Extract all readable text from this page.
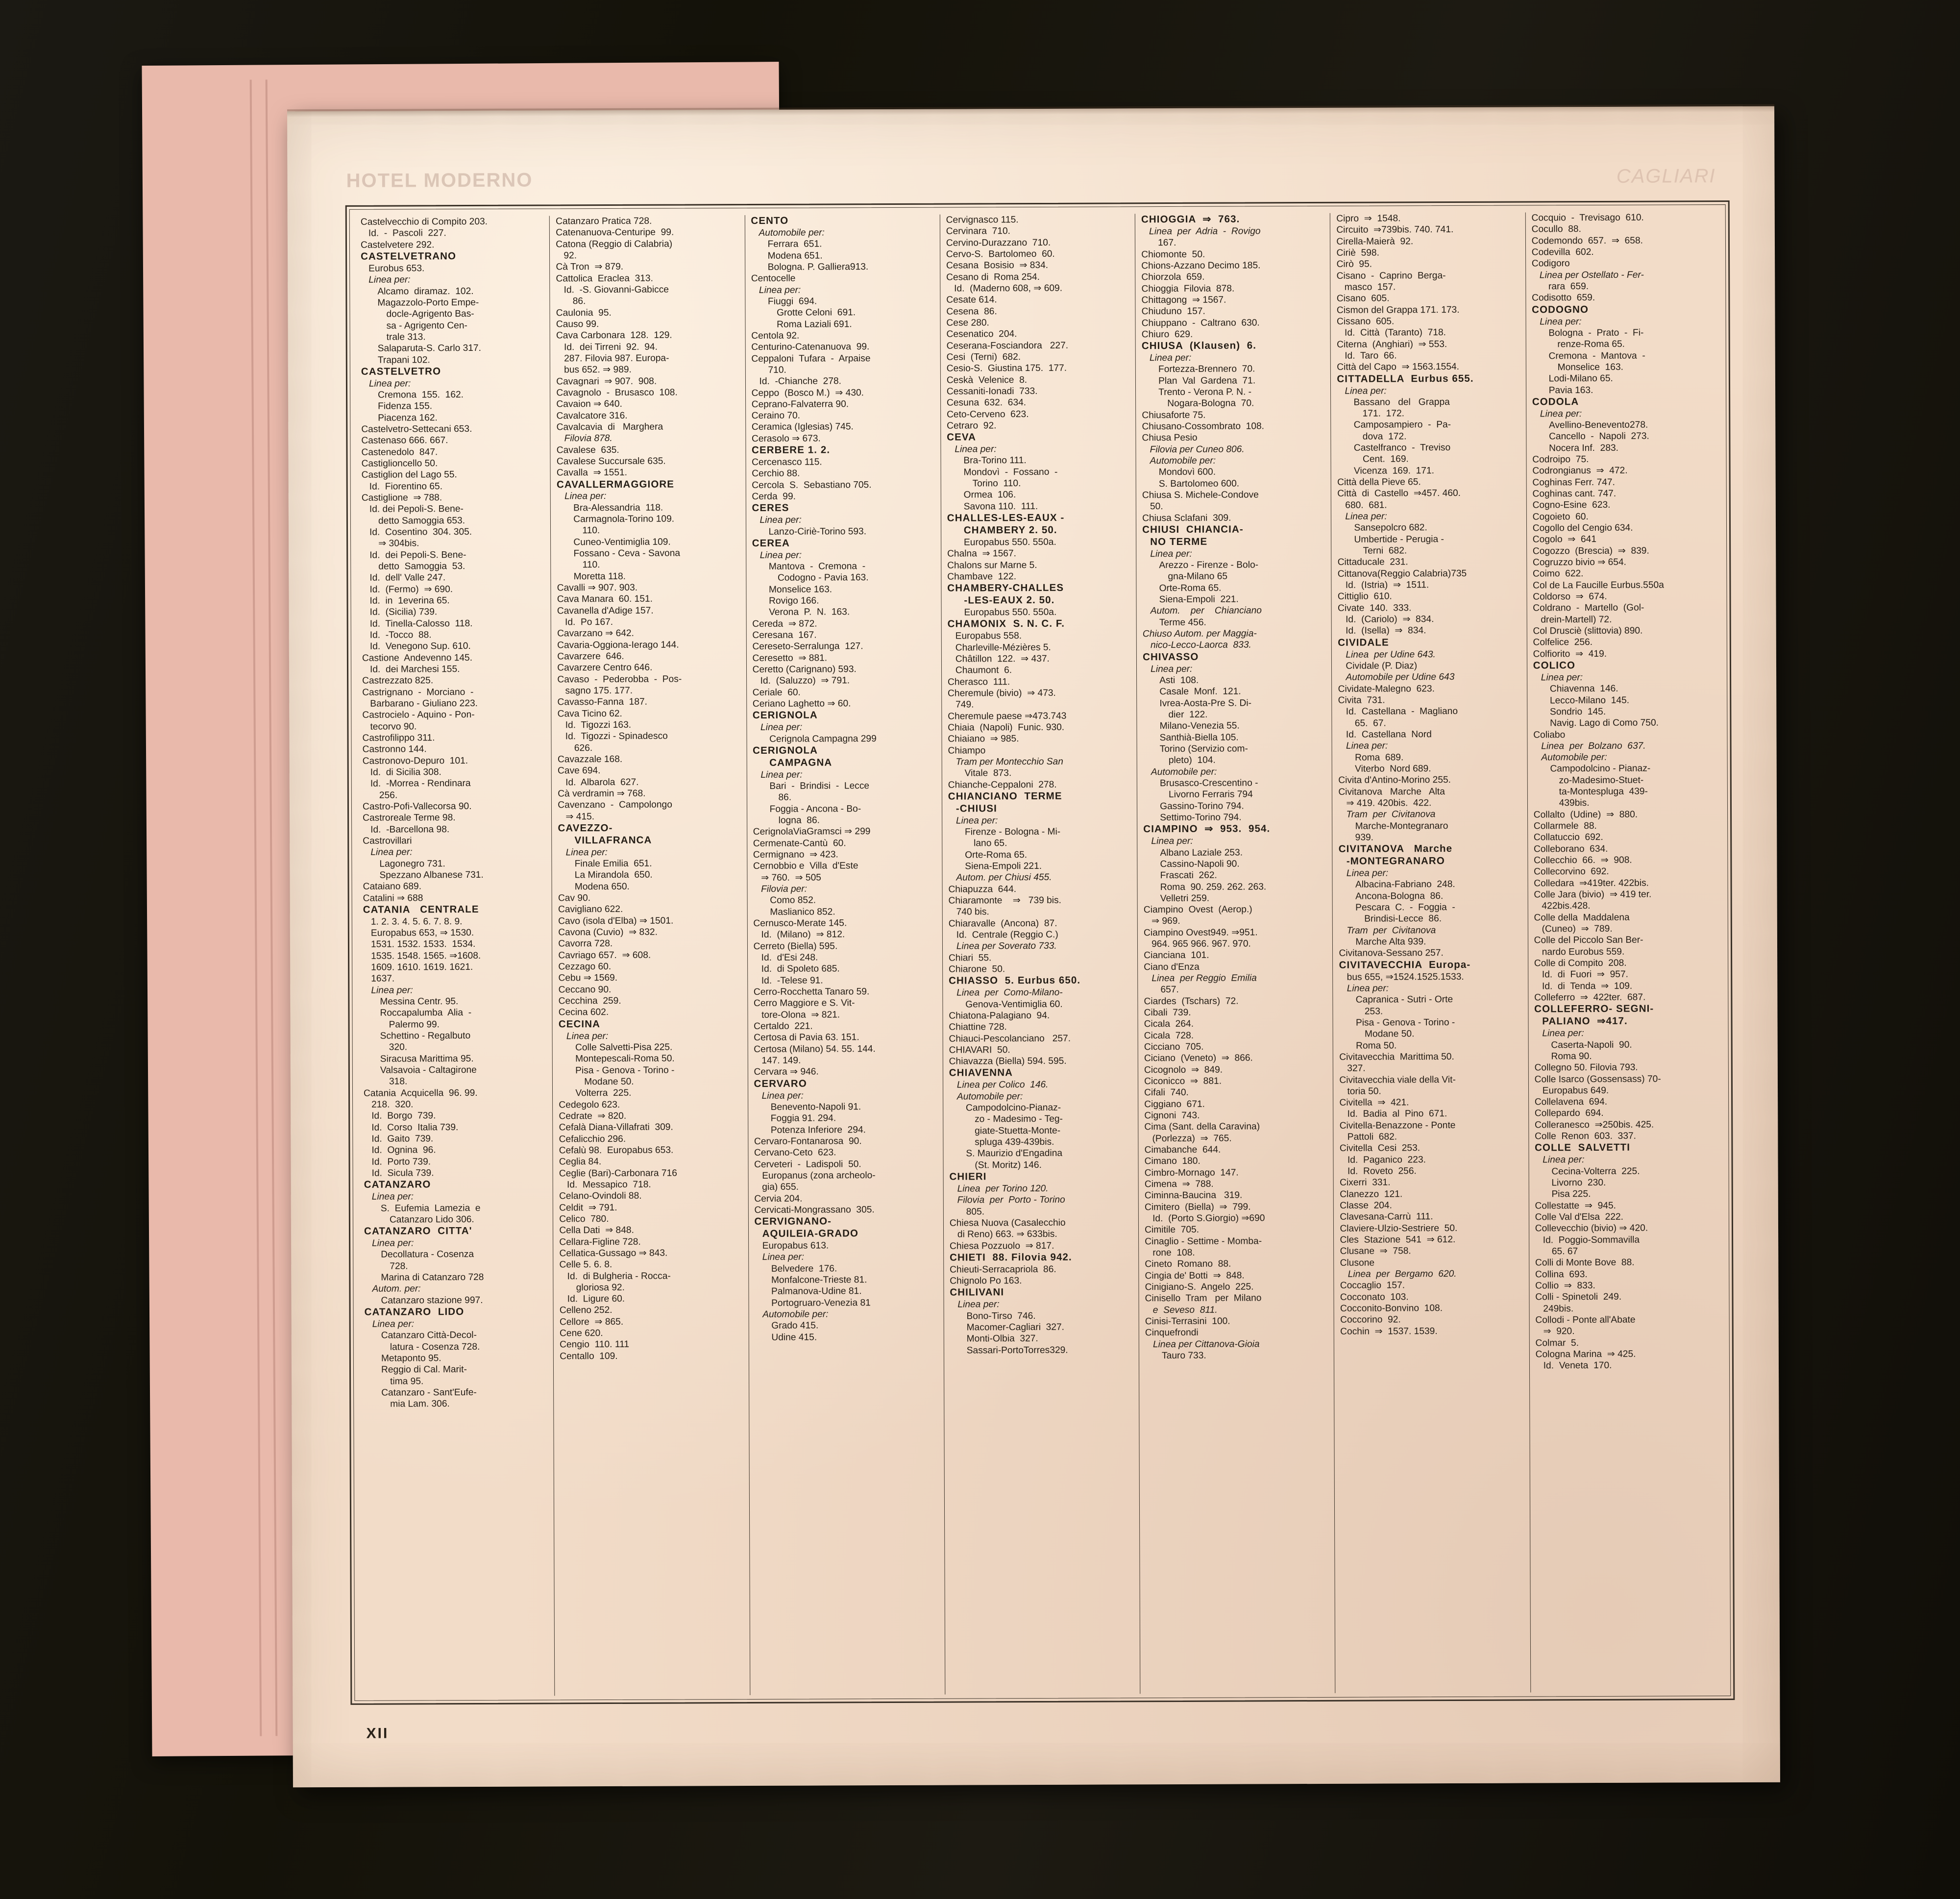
HOTEL MODERNO	CAGLIARI
Castelvecchio di Compito 203.
Id.  -  Pascoli  227.
Castelvetere 292.
CASTELVETRANO
Eurobus 653.
Linea per:
Alcamo  diramaz.  102.
Magazzolo-Porto Empe-
docle-Agrigento Bas-
sa - Agrigento Cen-
trale 313.
Salaparuta-S. Carlo 317.
Trapani 102.
CASTELVETRO
Linea per:
Cremona  155.  162.
Fidenza 155.
Piacenza 162.
Castelvetro-Settecani 653.
Castenaso 666. 667.
Castenedolo  847.
Castiglioncello 50.
Castiglion del Lago 55.
Id.  Fiorentino 65.
Castiglione  ⇒ 788.
Id. dei Pepoli-S. Bene-
detto Samoggia 653.
Id.  Cosentino  304. 305.
⇒ 304bis.
Id.  dei Pepoli-S. Bene-
detto  Samoggia  53.
Id.  dell' Valle 247.
Id.  (Fermo)  ⇒ 690.
Id.  in  1everina 65.
Id.  (Sicilia) 739.
Id.  Tinella-Calosso  118.
Id.  -Tocco  88.
Id.  Venegono Sup. 610.
Castione  Andevenno 145.
Id.  dei Marchesi 155.
Castrezzato 825.
Castrignano  -  Morciano  -
Barbarano - Giuliano 223.
Castrocielo - Aquino - Pon-
tecorvo 90.
Castrofilippo 311.
Castronno 144.
Castronovo-Depuro  101.
Id.  di Sicilia 308.
Id.  -Morrea - Rendinara
256.
Castro-Pofi-Vallecorsa 90.
Castroreale Terme 98.
Id.  -Barcellona 98.
Castrovillari
Linea per:
Lagonegro 731.
Spezzano Albanese 731.
Cataiano 689.
Catalini ⇒ 688
CATANIA   CENTRALE
1. 2. 3. 4. 5. 6. 7. 8. 9.
Europabus 653, ⇒ 1530.
1531. 1532. 1533.  1534.
1535. 1548. 1565. ⇒1608.
1609. 1610. 1619. 1621.
1637.
Linea per:
Messina Centr. 95.
Roccapalumba  Alia  -
Palermo 99.
Schettino - Regalbuto
320.
Siracusa Marittima 95.
Valsavoia - Caltagirone
318.
Catania  Acquicella  96. 99.
218.  320.
Id.  Borgo  739.
Id.  Corso  Italia 739.
Id.  Gaito  739.
Id.  Ognina  96.
Id.  Porto 739.
Id.  Sicula 739.
CATANZARO
Linea per:
S.  Eufemia  Lamezia  e
Catanzaro Lido 306.
CATANZARO  CITTA'
Linea per:
Decollatura - Cosenza
728.
Marina di Catanzaro 728
Autom. per:
Catanzaro stazione 997.
CATANZARO  LIDO
Linea per:
Catanzaro Città-Decol-
latura - Cosenza 728.
Metaponto 95.
Reggio di Cal. Marit-
tima 95.
Catanzaro - Sant'Eufe-
mia Lam. 306.
Catanzaro Pratica 728.
Catenanuova-Centuripe  99.
Catona (Reggio di Calabria)
92.
Cà Tron  ⇒ 879.
Cattolica  Eraclea  313.
Id.  -S. Giovanni-Gabicce
86.
Caulonia  95.
Causo 99.
Cava Carbonara  128.  129.
Id.  dei Tirreni  92.  94.
287. Filovia 987. Europa-
bus 652. ⇒ 989.
Cavagnari  ⇒ 907.  908.
Cavagnolo  -  Brusasco  108.
Cavaion ⇒ 640.
Cavalcatore 316.
Cavalcavia  di   Marghera
Filovia 878.
Cavalese  635.
Cavalese Succursale 635.
Cavalla  ⇒ 1551.
CAVALLERMAGGIORE
Linea per:
Bra-Alessandria  118.
Carmagnola-Torino 109.
110.
Cuneo-Ventimiglia 109.
Fossano - Ceva - Savona
110.
Moretta 118.
Cavalli ⇒ 907. 903.
Cava Manara  60. 151.
Cavanella d'Adige 157.
Id.  Po 167.
Cavarzano ⇒ 642.
Cavaria-Oggiona-Ierago 144.
Cavarzere  646.
Cavarzere Centro 646.
Cavaso  -  Pederobba  -  Pos-
sagno 175. 177.
Cavasso-Fanna  187.
Cava Ticino 62.
Id.  Tigozzi 163.
Id.  Tigozzi - Spinadesco
626.
Cavazzale 168.
Cave 694.
Id.  Albarola  627.
Cà verdramin ⇒ 768.
Cavenzano  -  Campolongo
⇒ 415.
CAVEZZO-
VILLAFRANCA
Linea per:
Finale Emilia  651.
La Mirandola  650.
Modena 650.
Cav 90.
Cavigliano 622.
Cavo (isola d'Elba) ⇒ 1501.
Cavona (Cuvio)  ⇒ 832.
Cavorra 728.
Cavriago 657.  ⇒ 608.
Cezzago 60.
Cebu ⇒ 1569.
Ceccano 90.
Cecchina  259.
Cecina 602.
CECINA
Linea per:
Colle Salvetti-Pisa 225.
Montepescali-Roma 50.
Pisa - Genova - Torino -
Modane 50.
Volterra  225.
Cedegolo 623.
Cedrate  ⇒ 820.
Cefalà Diana-Villafrati  309.
Cefalicchio 296.
Cefalù 98.  Europabus 653.
Ceglia 84.
Ceglie (Bari)-Carbonara 716
Id.  Messapico  718.
Celano-Ovindoli 88.
Celdit  ⇒ 791.
Celico  780.
Cella Dati  ⇒ 848.
Cellara-Figline 728.
Cellatica-Gussago ⇒ 843.
Celle 5. 6. 8.
Id.  di Bulgheria - Rocca-
gloriosa 92.
Id.  Ligure 60.
Celleno 252.
Cellore  ⇒ 865.
Cene 620.
Cengio  110. 111
Centallo  109.
CENTO
Automobile per:
Ferrara  651.
Modena 651.
Bologna. P. Galliera913.
Centocelle
Linea per:
Fiuggi  694.
Grotte Celoni  691.
Roma Laziali 691.
Centola 92.
Centurino-Catenanuova  99.
Ceppaloni  Tufara  -  Arpaise
710.
Id.  -Chianche  278.
Ceppo  (Bosco M.)  ⇒ 430.
Ceprano-Falvaterra 90.
Ceraino 70.
Ceramica (Iglesias) 745.
Cerasolo ⇒ 673.
CERBERE 1. 2.
Cercenasco 115.
Cerchio 88.
Cercola  S.  Sebastiano 705.
Cerda  99.
CERES
Linea per:
Lanzo-Ciriè-Torino 593.
CEREA
Linea per:
Mantova  -  Cremona  -
Codogno - Pavia 163.
Monselice 163.
Rovigo 166.
Verona  P.  N.  163.
Cereda  ⇒ 872.
Ceresana  167.
Cereseto-Serralunga  127.
Ceresetto  ⇒ 881.
Ceretto (Carignano) 593.
Id.  (Saluzzo)  ⇒ 791.
Ceriale  60.
Ceriano Laghetto ⇒ 60.
CERIGNOLA
Linea per:
Cerignola Campagna 299
CERIGNOLA
CAMPAGNA
Linea per:
Bari  -  Brindisi  -  Lecce
86.
Foggia - Ancona - Bo-
logna  86.
CerignolaViaGramsci ⇒ 299
Cermenate-Cantù  60.
Cermignano  ⇒ 423.
Cernobbio e  Villa  d'Este
⇒ 760.  ⇒ 505
Filovia per:
Como 852.
Maslianico 852.
Cernusco-Merate 145.
Id.  (Milano)  ⇒ 812.
Cerreto (Biella) 595.
Id.  d'Esi 248.
Id.  di Spoleto 685.
Id.  -Telese 91.
Cerro-Rocchetta Tanaro 59.
Cerro Maggiore e S. Vit-
tore-Olona  ⇒ 821.
Certaldo  221.
Certosa di Pavia 63. 151.
Certosa (Milano) 54. 55. 144.
147. 149.
Cervara ⇒ 946.
CERVARO
Linea per:
Benevento-Napoli 91.
Foggia 91. 294.
Potenza Inferiore  294.
Cervaro-Fontanarosa  90.
Cervano-Ceto  623.
Cerveteri  -  Ladispoli  50.
Europanus (zona archeolo-
gia) 655.
Cervia 204.
Cervicati-Mongrassano  305.
CERVIGNANO-
AQUILEIA-GRADO
Europabus 613.
Linea per:
Belvedere  176.
Monfalcone-Trieste 81.
Palmanova-Udine 81.
Portogruaro-Venezia 81
Automobile per:
Grado 415.
Udine 415.
Cervignasco 115.
Cervinara  710.
Cervino-Durazzano  710.
Cervo-S.  Bartolomeo  60.
Cesana  Bosisio  ⇒ 834.
Cesano di  Roma 254.
Id.  (Maderno 608, ⇒ 609.
Cesate 614.
Cesena  86.
Cese 280.
Cesenatico  204.
Ceserana-Fosciandora   227.
Cesi  (Terni)  682.
Cesio-S.  Giustina 175.  177.
Ceskà  Velenice  8.
Cessaniti-Ionadi  733.
Cesuna  632.  634.
Ceto-Cerveno  623.
Cetraro  92.
CEVA
Linea per:
Bra-Torino 111.
Mondovì  -  Fossano  -
Torino  110.
Ormea  106.
Savona 110.  111.
CHALLES-LES-EAUX -
CHAMBERY 2. 50.
Europabus 550. 550a.
Chalna  ⇒ 1567.
Chalons sur Marne 5.
Chambave  122.
CHAMBERY-CHALLES
-LES-EAUX 2. 50.
Europabus 550. 550a.
CHAMONIX  S. N. C. F.
Europabus 558.
Charleville-Mézières 5.
Châtillon  122.  ⇒ 437.
Chaumont  6.
Cherasco  111.
Cheremule (bivio)  ⇒ 473.
749.
Cheremule paese ⇒473.743
Chiaia  (Napoli)  Funic. 930.
Chiaiano  ⇒ 985.
Chiampo
Tram per Montecchio San
Vitale  873.
Chianche-Ceppaloni  278.
CHIANCIANO  TERME
-CHIUSI
Linea per:
Firenze - Bologna - Mi-
lano 65.
Orte-Roma 65.
Siena-Empoli 221.
Autom. per Chiusi 455.
Chiapuzza  644.
Chiaramonte    ⇒   739 bis.
740 bis.
Chiaravalle  (Ancona)  87.
Id.  Centrale (Reggio C.)
Linea per Soverato 733.
Chiari  55.
Chiarone  50.
CHIASSO  5. Eurbus 650.
Linea  per  Como-Milano-
Genova-Ventimiglia 60.
Chiatona-Palagiano  94.
Chiattine 728.
Chiauci-Pescolanciano   257.
CHIAVARI  50.
Chiavazza (Biella) 594. 595.
CHIAVENNA
Linea per Colico  146.
Automobile per:
Campodolcino-Pianaz-
zo - Madesimo - Teg-
giate-Stuetta-Monte-
spluga 439-439bis.
S. Maurizio d'Engadina
(St. Moritz) 146.
CHIERI
Linea  per Torino 120.
Filovia  per  Porto - Torino
805.
Chiesa Nuova (Casalecchio
di Reno) 663. ⇒ 633bis.
Chiesa Pozzuolo  ⇒ 817.
CHIETI  88. Filovia 942.
Chieuti-Serracapriola  86.
Chignolo Po 163.
CHILIVANI
Linea per:
Bono-Tirso  746.
Macomer-Cagliari  327.
Monti-Olbia  327.
Sassari-PortoTorres329.
CHIOGGIA  ⇒  763.
Linea  per  Adria  -  Rovigo
167.
Chiomonte  50.
Chions-Azzano Decimo 185.
Chiorzola  659.
Chioggia  Filovia  878.
Chittagong  ⇒ 1567.
Chiuduno  157.
Chiuppano  -  Caltrano  630.
Chiuro  629.
CHIUSA  (Klausen)  6.
Linea per:
Fortezza-Brennero  70.
Plan  Val  Gardena  71.
Trento - Verona P. N. -
Nogara-Bologna  70.
Chiusaforte 75.
Chiusano-Cossombrato  108.
Chiusa Pesio
Filovia per Cuneo 806.
Automobile per:
Mondovì 600.
S. Bartolomeo 600.
Chiusa S. Michele-Condove
50.
Chiusa Sclafani  309.
CHIUSI  CHIANCIA-
NO TERME
Linea per:
Arezzo - Firenze - Bolo-
gna-Milano 65
Orte-Roma 65.
Siena-Empoli  221.
Autom.    per    Chianciano
Terme 456.
Chiuso Autom. per Maggia-
nico-Lecco-Laorca  833.
CHIVASSO
Linea per:
Asti  108.
Casale  Monf.  121.
Ivrea-Aosta-Pre S. Di-
dier  122.
Milano-Venezia 55.
Santhià-Biella 105.
Torino (Servizio com-
pleto)  104.
Automobile per:
Brusasco-Crescentino -
Livorno Ferraris 794
Gassino-Torino 794.
Settimo-Torino 794.
CIAMPINO  ⇒  953.  954.
Linea per:
Albano Laziale 253.
Cassino-Napoli 90.
Frascati  262.
Roma  90. 259. 262. 263.
Velletri 259.
Ciampino  Ovest  (Aerop.)
⇒ 969.
Ciampino Ovest949. ⇒951.
964. 965 966. 967. 970.
Cianciana  101.
Ciano d'Enza
Linea  per Reggio  Emilia
657.
Ciardes  (Tschars)  72.
Cibali  739.
Cicala  264.
Cicala  728.
Cicciano  705.
Ciciano  (Veneto)  ⇒  866.
Cicognolo  ⇒  849.
Ciconicco  ⇒  881.
Cifali  740.
Ciggiano  671.
Cignoni  743.
Cima (Sant. della Caravina)
(Porlezza)  ⇒  765.
Cimabanche  644.
Cimano  180.
Cimbro-Mornago  147.
Cimena  ⇒  788.
Ciminna-Baucina   319.
Cimitero  (Biella)  ⇒  799.
Id.  (Porto S.Giorgio) ⇒690
Cimitile  705.
Cinaglio - Settime - Momba-
rone  108.
Cineto  Romano  88.
Cingia de' Botti  ⇒  848.
Cinigiano-S.  Angelo  225.
Cinisello  Tram   per  Milano
e  Seveso  811.
Cinisi-Terrasini  100.
Cinquefrondi
Linea per Cittanova-Gioia
Tauro 733.
Cipro  ⇒  1548.
Circuito  ⇒739bis. 740. 741.
Cirella-Maierà  92.
Ciriè  598.
Cirò  95.
Cisano  -  Caprino  Berga-
masco  157.
Cisano  605.
Cismon del Grappa 171. 173.
Cissano  605.
Id.  Città  (Taranto)  718.
Citerna  (Anghiari)  ⇒ 553.
Id.  Taro  66.
Città del Capo  ⇒ 1563.1554.
CITTADELLA  Eurbus 655.
Linea per:
Bassano   del   Grappa
171.  172.
Camposampiero  -  Pa-
dova  172.
Castelfranco  -  Treviso
Cent.  169.
Vicenza  169.  171.
Città della Pieve 65.
Città  di  Castello  ⇒457. 460.
680.  681.
Linea per:
Sansepolcro 682.
Umbertide - Perugia -
Terni  682.
Cittaducale  231.
Cittanova(Reggio Calabria)735
Id.  (Istria)  ⇒  1511.
Cittiglio  610.
Civate  140.  333.
Id.  (Cariolo)  ⇒  834.
Id.  (Isella)  ⇒  834.
CIVIDALE
Linea  per Udine 643.
Cividale (P. Diaz)
Automobile per Udine 643
Cividate-Malegno  623.
Civita  731.
Id.  Castellana  -  Magliano
65.  67.
Id.  Castellana  Nord
Linea per:
Roma  689.
Viterbo  Nord 689.
Civita d'Antino-Morino 255.
Civitanova   Marche   Alta
⇒ 419. 420bis.  422.
Tram  per  Civitanova
Marche-Montegranaro
939.
CIVITANOVA   Marche
-MONTEGRANARO
Linea per:
Albacina-Fabriano  248.
Ancona-Bologna  86.
Pescara  C.  -  Foggia  -
Brindisi-Lecce  86.
Tram  per  Civitanova
Marche Alta 939.
Civitanova-Sessano 257.
CIVITAVECCHIA  Europa-
bus 655, ⇒1524.1525.1533.
Linea per:
Capranica - Sutri - Orte
253.
Pisa - Genova - Torino -
Modane 50.
Roma 50.
Civitavecchia  Marittima 50.
327.
Civitavecchia viale della Vit-
toria 50.
Civitella  ⇒  421.
Id.  Badia  al  Pino  671.
Civitella-Benazzone - Ponte
Pattoli  682.
Civitella  Cesi  253.
Id.  Paganico  223.
Id.  Roveto  256.
Cixerri  331.
Clanezzo  121.
Classe  204.
Clavesana-Carrù  111.
Claviere-Ulzio-Sestriere  50.
Cles  Stazione  541  ⇒ 612.
Clusane  ⇒  758.
Clusone
Linea  per  Bergamo  620.
Coccaglio  157.
Cocconato  103.
Cocconito-Bonvino  108.
Coccorino  92.
Cochin  ⇒  1537. 1539.
Cocquio  -  Trevisago  610.
Cocullo  88.
Codemondo  657.  ⇒  658.
Codevilla  602.
Codigoro
Linea per Ostellato - Fer-
rara  659.
Codisotto  659.
CODOGNO
Linea per:
Bologna  -  Prato  -  Fi-
renze-Roma 65.
Cremona  -  Mantova  -
Monselice  163.
Lodi-Milano 65.
Pavia 163.
CODOLA
Linea per:
Avellino-Benevento278.
Cancello  -  Napoli  273.
Nocera Inf.  283.
Codroipo  75.
Codrongianus  ⇒  472.
Coghinas Ferr. 747.
Coghinas cant. 747.
Cogno-Esine  623.
Cogoieto  60.
Cogollo del Cengio 634.
Cogolo  ⇒  641
Cogozzo  (Brescia)  ⇒  839.
Cogruzzo bivio ⇒ 654.
Coimo  622.
Col de La Faucille Eurbus.550a
Coldorso  ⇒  674.
Coldrano  -  Martello  (Gol-
drein-Martell) 72.
Col Drusciè (slittovia) 890.
Colfelice  256.
Colfiorito  ⇒  419.
COLICO
Linea per:
Chiavenna  146.
Lecco-Milano  145.
Sondrio  145.
Navig. Lago di Como 750.
Coliabo
Linea  per  Bolzano  637.
Automobile per:
Campodolcino - Pianaz-
zo-Madesimo-Stuet-
ta-Montespluga  439-
439bis.
Collalto  (Udine)  ⇒  880.
Collarmele  88.
Collatuccio  692.
Colleborano  634.
Collecchio  66.  ⇒  908.
Collecorvino  692.
Colledara  ⇒419ter. 422bis.
Colle Jara (bivio)  ⇒ 419 ter.
422bis.428.
Colle della  Maddalena
(Cuneo)  ⇒  789.
Colle del Piccolo San Ber-
nardo Eurobus 559.
Colle di Compito  208.
Id.  di  Fuori  ⇒  957.
Id.  di  Tenda  ⇒  109.
Colleferro  ⇒  422ter.  687.
COLLEFERRO- SEGNI-
PALIANO  ⇒417.
Linea per:
Caserta-Napoli  90.
Roma 90.
Collegno 50. Filovia 793.
Colle Isarco (Gossensass) 70-
Europabus 649.
Collelavena  694.
Collepardo  694.
Colleranesco  ⇒250bis. 425.
Colle  Renon  603.  337.
COLLE  SALVETTI
Linea per:
Cecina-Volterra  225.
Livorno  230.
Pisa 225.
Collestatte  ⇒  945.
Colle Val d'Elsa  222.
Collevecchio (bivio) ⇒ 420.
Id.  Poggio-Sommavilla
65. 67
Colli di Monte Bove  88.
Collina  693.
Collio  ⇒  833.
Colli - Spinetoli  249.
249bis.
Collodi - Ponte all'Abate
⇒  920.
Colmar  5.
Cologna Marina  ⇒ 425.
Id.  Veneta  170.
XII
